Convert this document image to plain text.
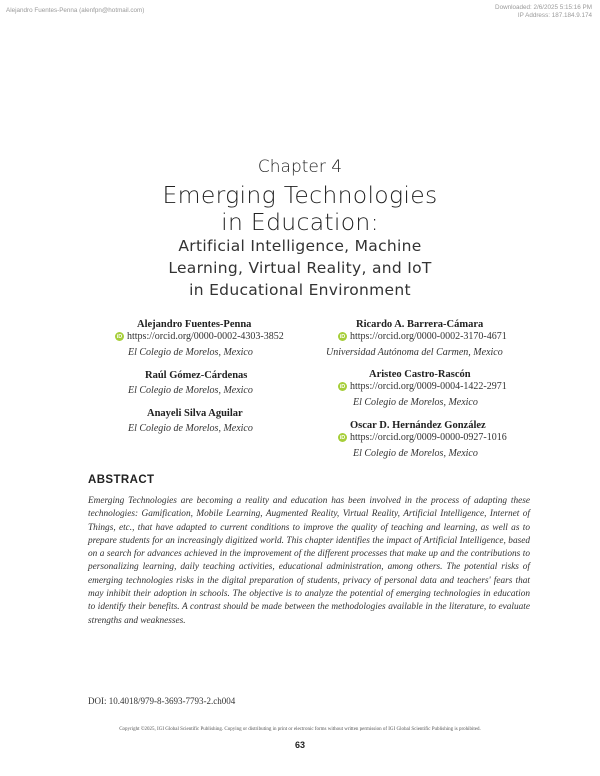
Alejandro Fuentes-Penna (alenfpn@hotmail.com)	Downloaded: 2/6/2025 5:15:16 PM
IP Address: 187.184.9.174
Chapter 4
Emerging Technologies
in Education:
Artificial Intelligence, Machine
Learning, Virtual Reality, and IoT
in Educational Environment
Alejandro Fuentes-Penna
iD https://orcid.org/0000-0002-4303-3852
El Colegio de Morelos, Mexico
Raúl Gómez-Cárdenas
El Colegio de Morelos, Mexico
Anayeli Silva Aguilar
El Colegio de Morelos, Mexico
Ricardo A. Barrera-Cámara
iD https://orcid.org/0000-0002-3170-4671
Universidad Autónoma del Carmen, Mexico
Aristeo Castro-Rascón
iD https://orcid.org/0009-0004-1422-2971
El Colegio de Morelos, Mexico
Oscar D. Hernández González
iD https://orcid.org/0009-0000-0927-1016
El Colegio de Morelos, Mexico
ABSTRACT
Emerging Technologies are becoming a reality and education has been involved in the process of adapting these technologies: Gamification, Mobile Learning, Augmented Reality, Virtual Reality, Artificial Intelligence, Internet of Things, etc., that have adapted to current conditions to improve the quality of teaching and learning, as well as to prepare students for an increasingly digitized world. This chapter identifies the impact of Artificial Intelligence, based on a search for advances achieved in the improvement of the different processes that make up and the contributions to personalizing learning, daily teaching activities, educational administration, among others. The potential risks of emerging technologies risks in the digital preparation of students, privacy of personal data and teachers' fears that may inhibit their adoption in schools. The objective is to analyze the potential of emerging technologies in education to identify their benefits. A contrast should be made between the methodologies available in the literature, to evaluate strengths and weaknesses.
DOI: 10.4018/979-8-3693-7793-2.ch004
Copyright ©2025, IGI Global Scientific Publishing. Copying or distributing in print or electronic forms without written permission of IGI Global Scientific Publishing is prohibited.
63
